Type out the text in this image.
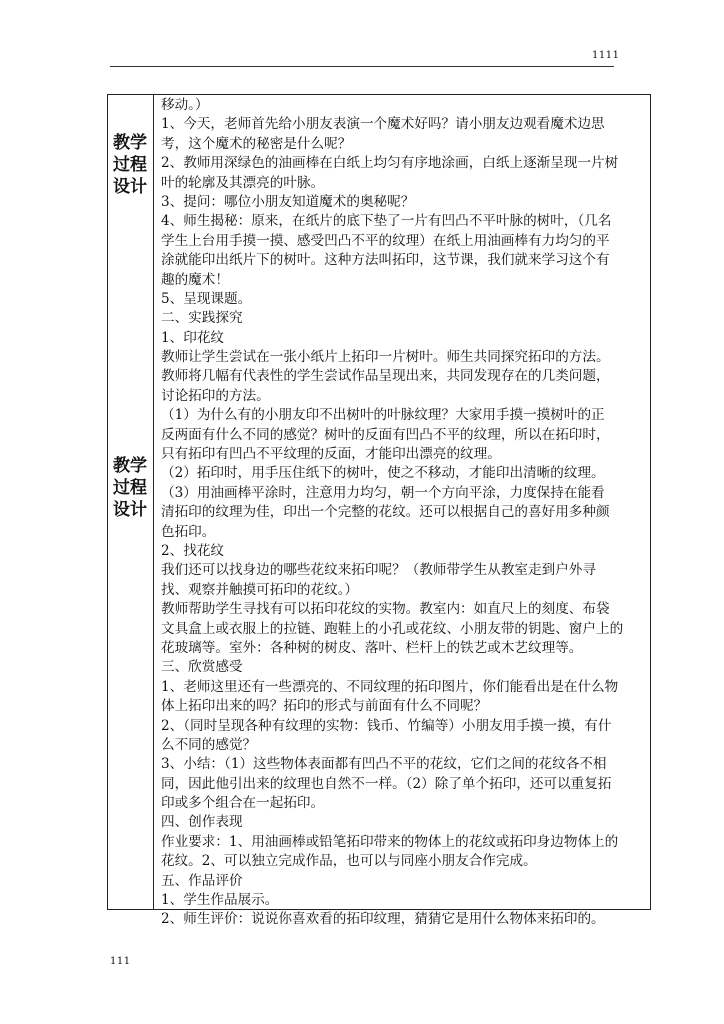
1111
教学
过程
设计
教学
过程
设计
移动。）
1、今天，老师首先给小朋友表演一个魔术好吗？请小朋友边观看魔术边思
考，这个魔术的秘密是什么呢？
2、教师用深绿色的油画棒在白纸上均匀有序地涂画，白纸上逐渐呈现一片树
叶的轮廓及其漂亮的叶脉。
3、提问：哪位小朋友知道魔术的奥秘呢？
4、师生揭秘：原来，在纸片的底下垫了一片有凹凸不平叶脉的树叶，（几名
学生上台用手摸一摸、感受凹凸不平的纹理）在纸上用油画棒有力均匀的平
涂就能印出纸片下的树叶。这种方法叫拓印，这节课，我们就来学习这个有
趣的魔术！
5、呈现课题。
二、实践探究
1、印花纹
教师让学生尝试在一张小纸片上拓印一片树叶。师生共同探究拓印的方法。
教师将几幅有代表性的学生尝试作品呈现出来，共同发现存在的几类问题，
讨论拓印的方法。
（1）为什么有的小朋友印不出树叶的叶脉纹理？大家用手摸一摸树叶的正
反两面有什么不同的感觉？树叶的反面有凹凸不平的纹理，所以在拓印时，
只有拓印有凹凸不平纹理的反面，才能印出漂亮的纹理。
（2）拓印时，用手压住纸下的树叶，使之不移动，才能印出清晰的纹理。
（3）用油画棒平涂时，注意用力均匀，朝一个方向平涂，力度保持在能看
清拓印的纹理为佳，印出一个完整的花纹。还可以根据自己的喜好用多种颜
色拓印。
2、找花纹
我们还可以找身边的哪些花纹来拓印呢？（教师带学生从教室走到户外寻
找、观察并触摸可拓印的花纹。）
教师帮助学生寻找有可以拓印花纹的实物。教室内：如直尺上的刻度、布袋
文具盒上或衣服上的拉链、跑鞋上的小孔或花纹、小朋友带的钥匙、窗户上的
花玻璃等。室外：各种树的树皮、落叶、栏杆上的铁艺或木艺纹理等。
三、欣赏感受
1、老师这里还有一些漂亮的、不同纹理的拓印图片，你们能看出是在什么物
体上拓印出来的吗？拓印的形式与前面有什么不同呢？
2、（同时呈现各种有纹理的实物：钱币、竹编等）小朋友用手摸一摸，有什
么不同的感觉？
3、小结：（1）这些物体表面都有凹凸不平的花纹，它们之间的花纹各不相
同，因此他引出来的纹理也自然不一样。（2）除了单个拓印，还可以重复拓
印或多个组合在一起拓印。
四、创作表现
作业要求：1、用油画棒或铅笔拓印带来的物体上的花纹或拓印身边物体上的
花纹。2、可以独立完成作品，也可以与同座小朋友合作完成。
五、作品评价
1、学生作品展示。
2、师生评价：说说你喜欢看的拓印纹理，猜猜它是用什么物体来拓印的。
111
